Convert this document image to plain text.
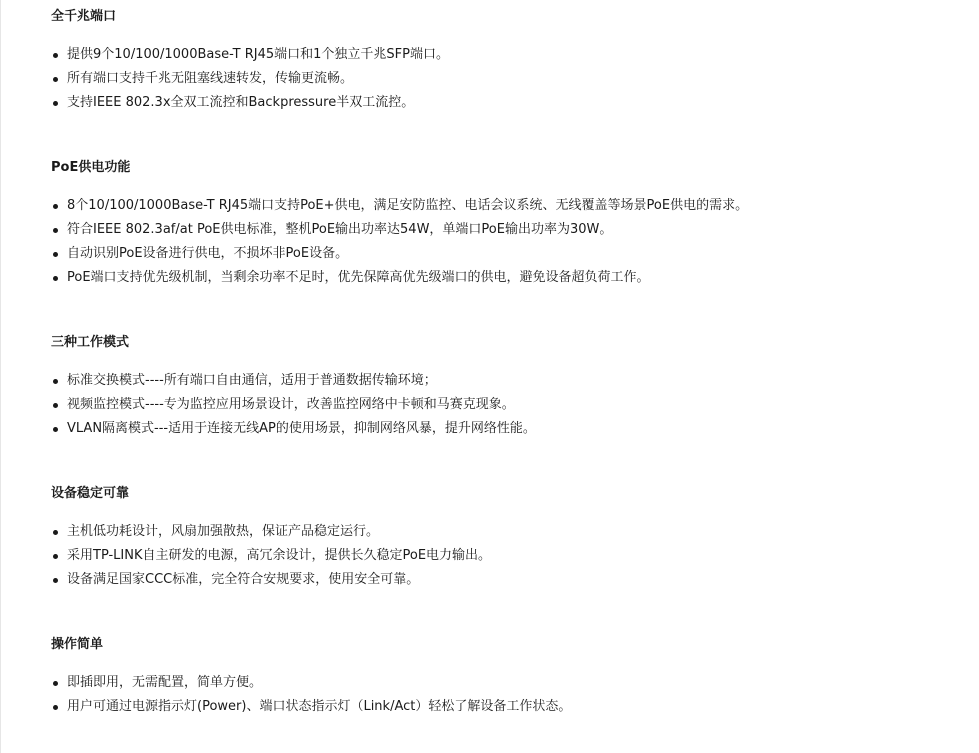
全千兆端口
提供9个10/100/1000Base-T RJ45端口和1个独立千兆SFP端口。
所有端口支持千兆无阻塞线速转发，传输更流畅。
支持IEEE 802.3x全双工流控和Backpressure半双工流控。
PoE供电功能
8个10/100/1000Base-T RJ45端口支持PoE+供电，满足安防监控、电话会议系统、无线覆盖等场景PoE供电的需求。
符合IEEE 802.3af/at PoE供电标准，整机PoE输出功率达54W，单端口PoE输出功率为30W。
自动识别PoE设备进行供电，不损坏非PoE设备。
PoE端口支持优先级机制，当剩余功率不足时，优先保障高优先级端口的供电，避免设备超负荷工作。
三种工作模式
标准交换模式----所有端口自由通信，适用于普通数据传输环境；
视频监控模式----专为监控应用场景设计，改善监控网络中卡顿和马赛克现象。
VLAN隔离模式---适用于连接无线AP的使用场景，抑制网络风暴，提升网络性能。
设备稳定可靠
主机低功耗设计，风扇加强散热，保证产品稳定运行。
采用TP-LINK自主研发的电源，高冗余设计，提供长久稳定PoE电力输出。
设备满足国家CCC标准，完全符合安规要求，使用安全可靠。
操作简单
即插即用，无需配置，简单方便。
用户可通过电源指示灯(Power)、端口状态指示灯（Link/Act）轻松了解设备工作状态。
